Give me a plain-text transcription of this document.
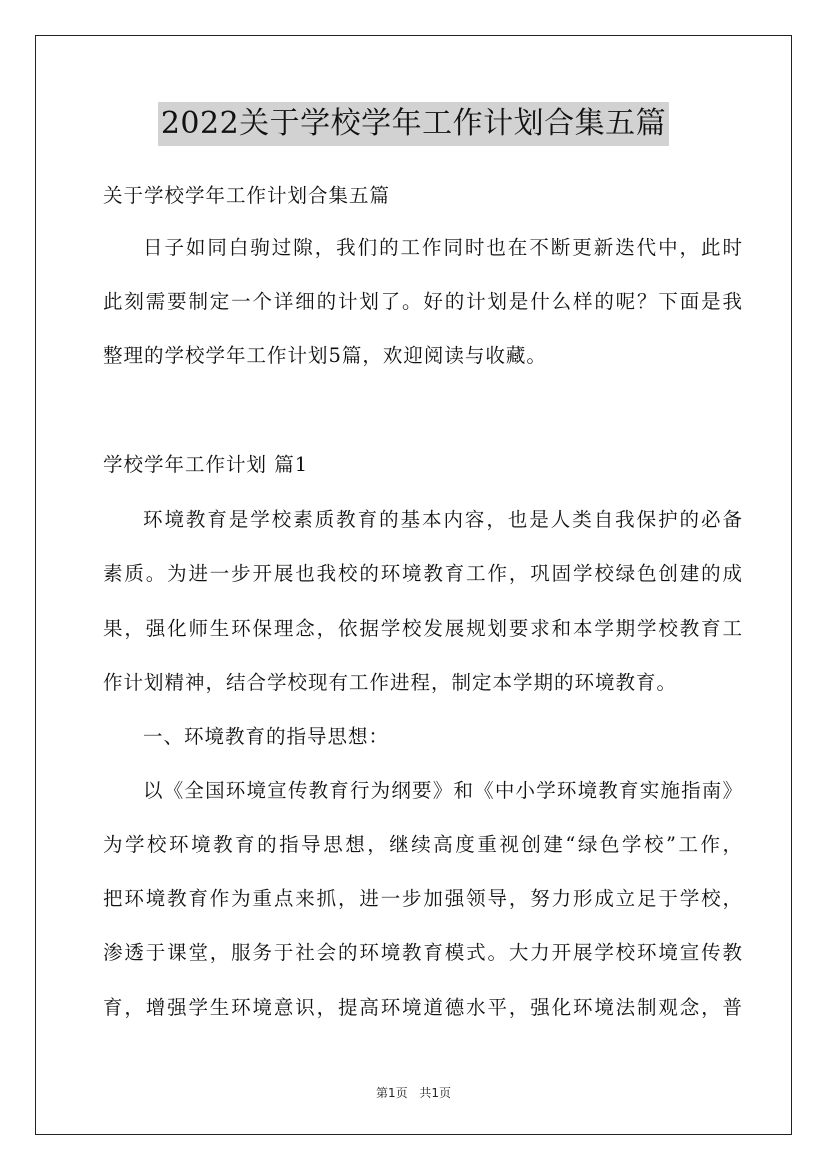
2022关于学校学年工作计划合集五篇
关于学校学年工作计划合集五篇
日子如同白驹过隙，我们的工作同时也在不断更新迭代中，此时
此刻需要制定一个详细的计划了。好的计划是什么样的呢？下面是我
整理的学校学年工作计划5篇，欢迎阅读与收藏。
学校学年工作计划 篇1
环境教育是学校素质教育的基本内容，也是人类自我保护的必备
素质。为进一步开展也我校的环境教育工作，巩固学校绿色创建的成
果，强化师生环保理念，依据学校发展规划要求和本学期学校教育工
作计划精神，结合学校现有工作进程，制定本学期的环境教育。
一、环境教育的指导思想：
以《全国环境宣传教育行为纲要》和《中小学环境教育实施指南》
为学校环境教育的指导思想，继续高度重视创建“绿色学校”工作，
把环境教育作为重点来抓，进一步加强领导，努力形成立足于学校，
渗透于课堂，服务于社会的环境教育模式。大力开展学校环境宣传教
育，增强学生环境意识，提高环境道德水平，强化环境法制观念，普
第1页 共1页
